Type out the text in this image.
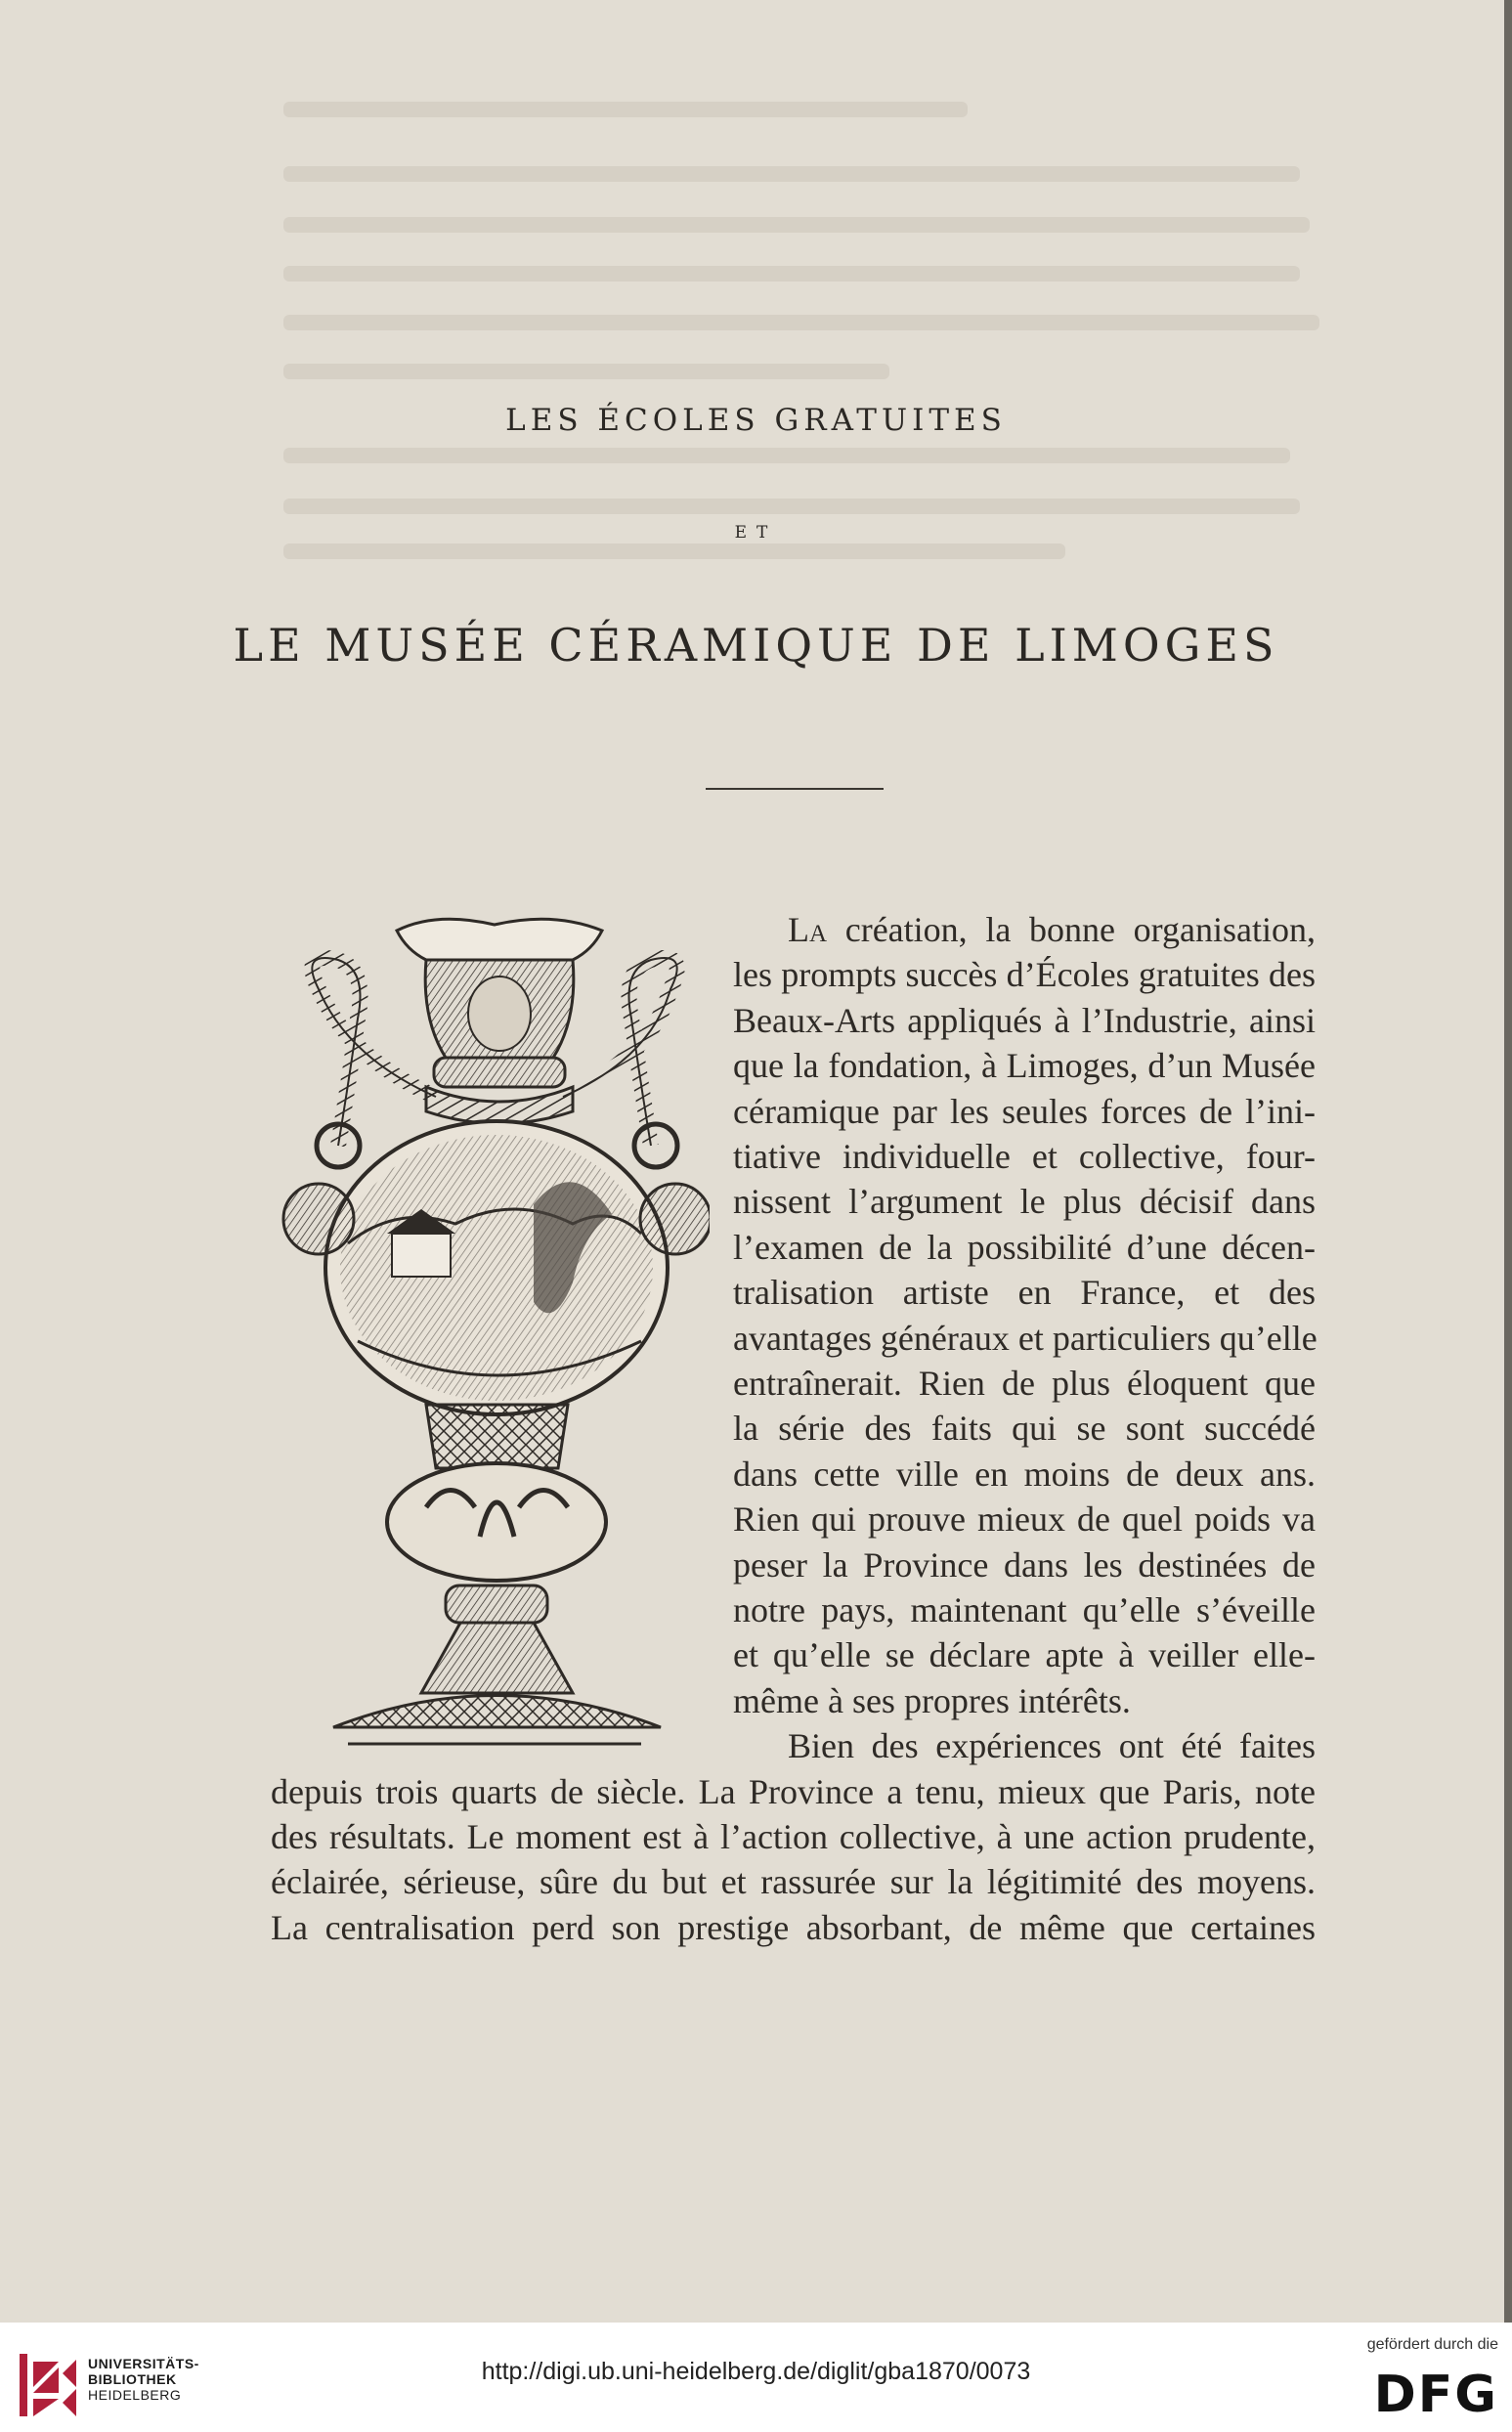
LES ÉCOLES GRATUITES
ET
LE MUSÉE CÉRAMIQUE DE LIMOGES
La création, la bonne organisation,
les prompts succès d’Écoles gratuites des
Beaux-Arts appliqués à l’Industrie, ainsi
que la fondation, à Limoges, d’un Musée
céramique par les seules forces de l’ini-
tiative individuelle et collective, four-
nissent l’argument le plus décisif dans
l’examen de la possibilité d’une décen-
tralisation artiste en France, et des
avantages généraux et particuliers qu’elle
entraînerait. Rien de plus éloquent que
la série des faits qui se sont succédé
dans cette ville en moins de deux ans.
Rien qui prouve mieux de quel poids va
peser la Province dans les destinées de
notre pays, maintenant qu’elle s’éveille
et qu’elle se déclare apte à veiller elle-
même à ses propres intérêts.
Bien des expériences ont été faites
depuis trois quarts de siècle. La Province a tenu, mieux que Paris, note
des résultats. Le moment est à l’action collective, à une action prudente,
éclairée, sérieuse, sûre du but et rassurée sur la légitimité des moyens.
La centralisation perd son prestige absorbant, de même que certaines
UNIVERSITÄTS-
BIBLIOTHEK
HEIDELBERG
gefördert durch die
DFG
http://digi.ub.uni-heidelberg.de/diglit/gba1870/0073
